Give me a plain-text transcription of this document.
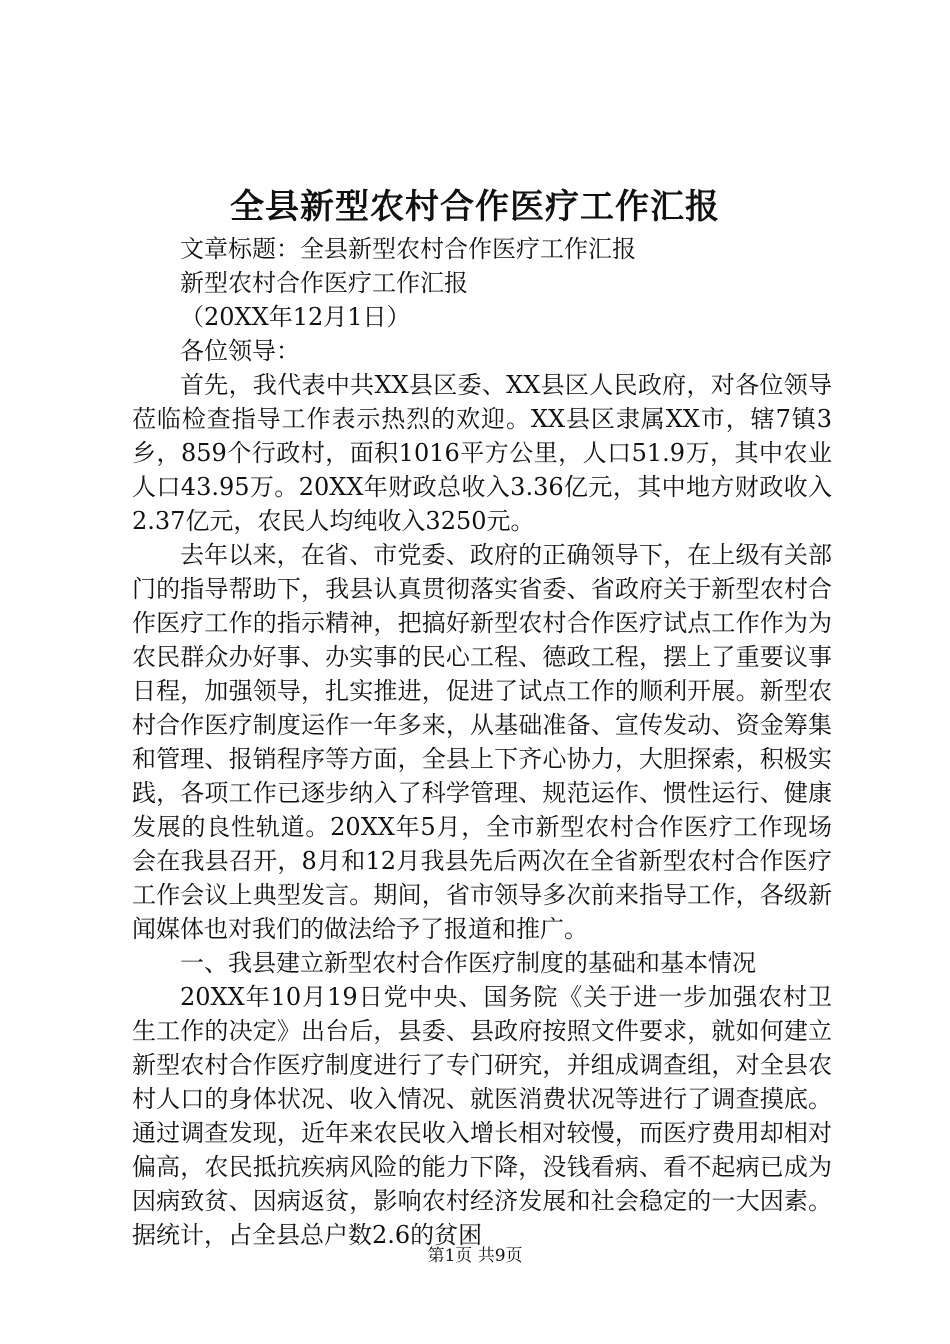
全县新型农村合作医疗工作汇报

文章标题：全县新型农村合作医疗工作汇报

新型农村合作医疗工作汇报

（20XX年12月1日）

各位领导：

首先，我代表中共XX县区委、XX县区人民政府，对各位领导莅临检查指导工作表示热烈的欢迎。XX县区隶属XX市，辖7镇3乡，859个行政村，面积1016平方公里，人口51.9万，其中农业人口43.95万。20XX年财政总收入3.36亿元，其中地方财政收入2.37亿元，农民人均纯收入3250元。

去年以来，在省、市党委、政府的正确领导下，在上级有关部门的指导帮助下，我县认真贯彻落实省委、省政府关于新型农村合作医疗工作的指示精神，把搞好新型农村合作医疗试点工作作为为农民群众办好事、办实事的民心工程、德政工程，摆上了重要议事日程，加强领导，扎实推进，促进了试点工作的顺利开展。新型农村合作医疗制度运作一年多来，从基础准备、宣传发动、资金筹集和管理、报销程序等方面，全县上下齐心协力，大胆探索，积极实践，各项工作已逐步纳入了科学管理、规范运作、惯性运行、健康发展的良性轨道。20XX年5月，全市新型农村合作医疗工作现场会在我县召开，8月和12月我县先后两次在全省新型农村合作医疗工作会议上典型发言。期间，省市领导多次前来指导工作，各级新闻媒体也对我们的做法给予了报道和推广。

一、我县建立新型农村合作医疗制度的基础和基本情况

20XX年10月19日党中央、国务院《关于进一步加强农村卫生工作的决定》出台后，县委、县政府按照文件要求，就如何建立新型农村合作医疗制度进行了专门研究，并组成调查组，对全县农村人口的身体状况、收入情况、就医消费状况等进行了调查摸底。通过调查发现，近年来农民收入增长相对较慢，而医疗费用却相对偏高，农民抵抗疾病风险的能力下降，没钱看病、看不起病已成为因病致贫、因病返贫，影响农村经济发展和社会稳定的一大因素。据统计，占全县总户数2.6的贫困

第1页 共9页
